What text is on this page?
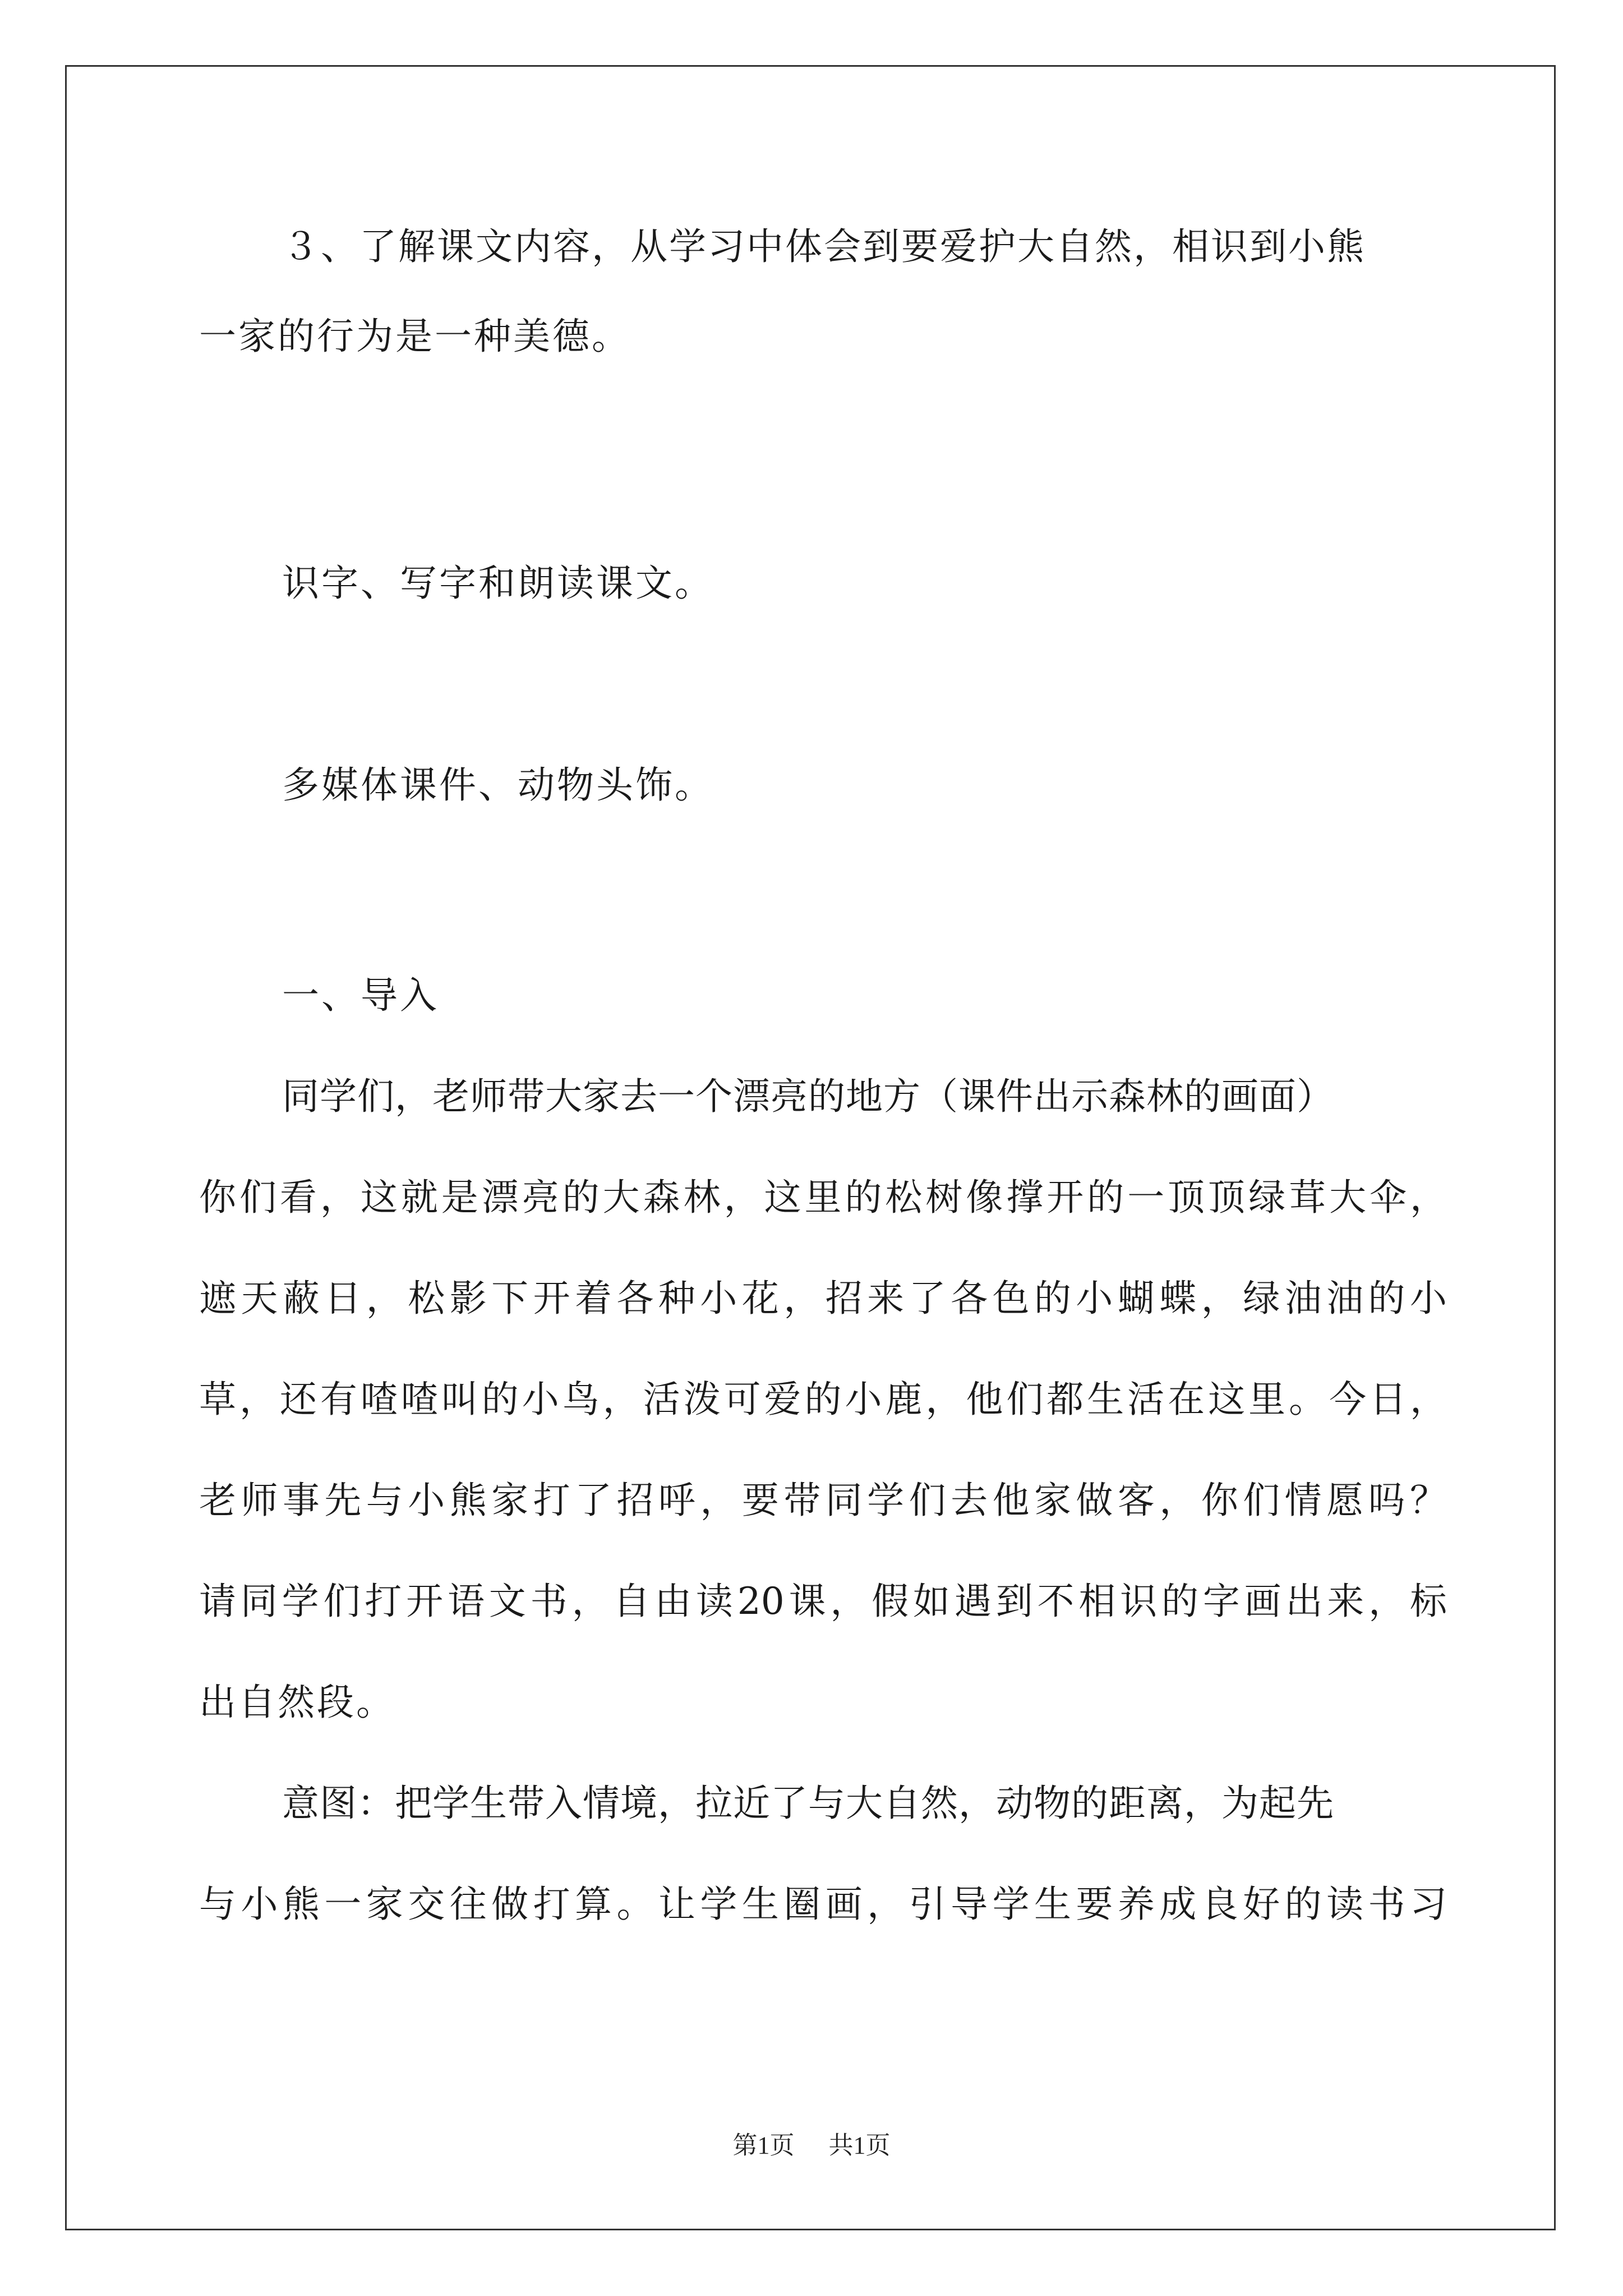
３、了解课文内容，从学习中体会到要爱护大自然，相识到小熊
一家的行为是一种美德。
识字、写字和朗读课文。
多媒体课件、动物头饰。
一、导入
同学们，老师带大家去一个漂亮的地方（课件出示森林的画面）
你们看，这就是漂亮的大森林，这里的松树像撑开的一顶顶绿茸大伞，
遮天蔽日，松影下开着各种小花，招来了各色的小蝴蝶，绿油油的小
草，还有喳喳叫的小鸟，活泼可爱的小鹿，他们都生活在这里。今日，
老师事先与小熊家打了招呼，要带同学们去他家做客，你们情愿吗？
请同学们打开语文书，自由读20课，假如遇到不相识的字画出来，标
出自然段。
意图：把学生带入情境，拉近了与大自然，动物的距离，为起先
与小熊一家交往做打算。让学生圈画，引导学生要养成良好的读书习
第1页 共1页
